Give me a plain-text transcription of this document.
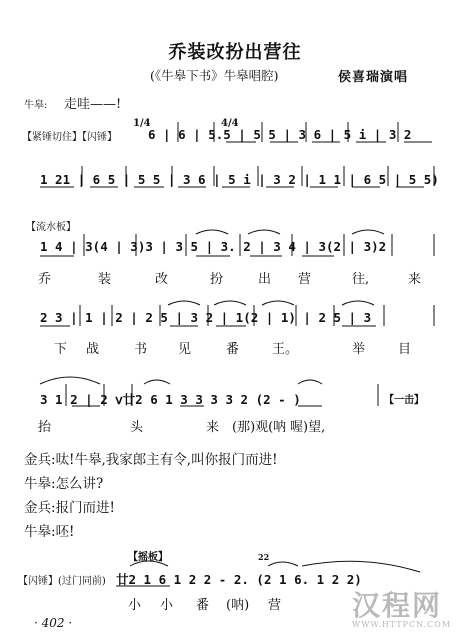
乔装改扮出营往
(《牛皋下书》牛皋唱腔)	侯喜瑞演唱
牛皋: 走哇——!
【紧锤切住】【闪锤】
1/4	4/4
6 | 6 | 5.5 | 5 5 | 3 6 | 5 i | 3 2
1 21 | 6 5 | 5 5 | 3 6 | 5 i | 3 2 | 1 1 | 6 5 | 5 5)
【流水板】
1 4 | 3(4 | 3)3 | 3 5 | 3. 2 | 3 4 | 3(2 | 3)2
乔	装	改	扮	出 营	往,	来
2 3 | 1 | 2 | 2 5 | 3 2 | 1(2 | 1) | 2 5 | 3
下 战	书 见	番	王。	举	目
3 1 2 | 2 ⅴ廿2 6 1 3 3 3 3 2 (2 - )	【一击】
抬	头	来 (那)观(呐 喔)望,
金兵:呔!牛皋,我家郎主有令,叫你报门而进!
牛皋:怎么讲?
金兵:报门而进!
牛皋:呸!
【摇板】
【闪锤】(过门同前)
22
廿2 1 6 1 2 2 - 2. (2 1 6. 1 2 2)
小 小 番 (呐) 营
· 402 ·
汉程网
WWW.HTTPCN.COM
